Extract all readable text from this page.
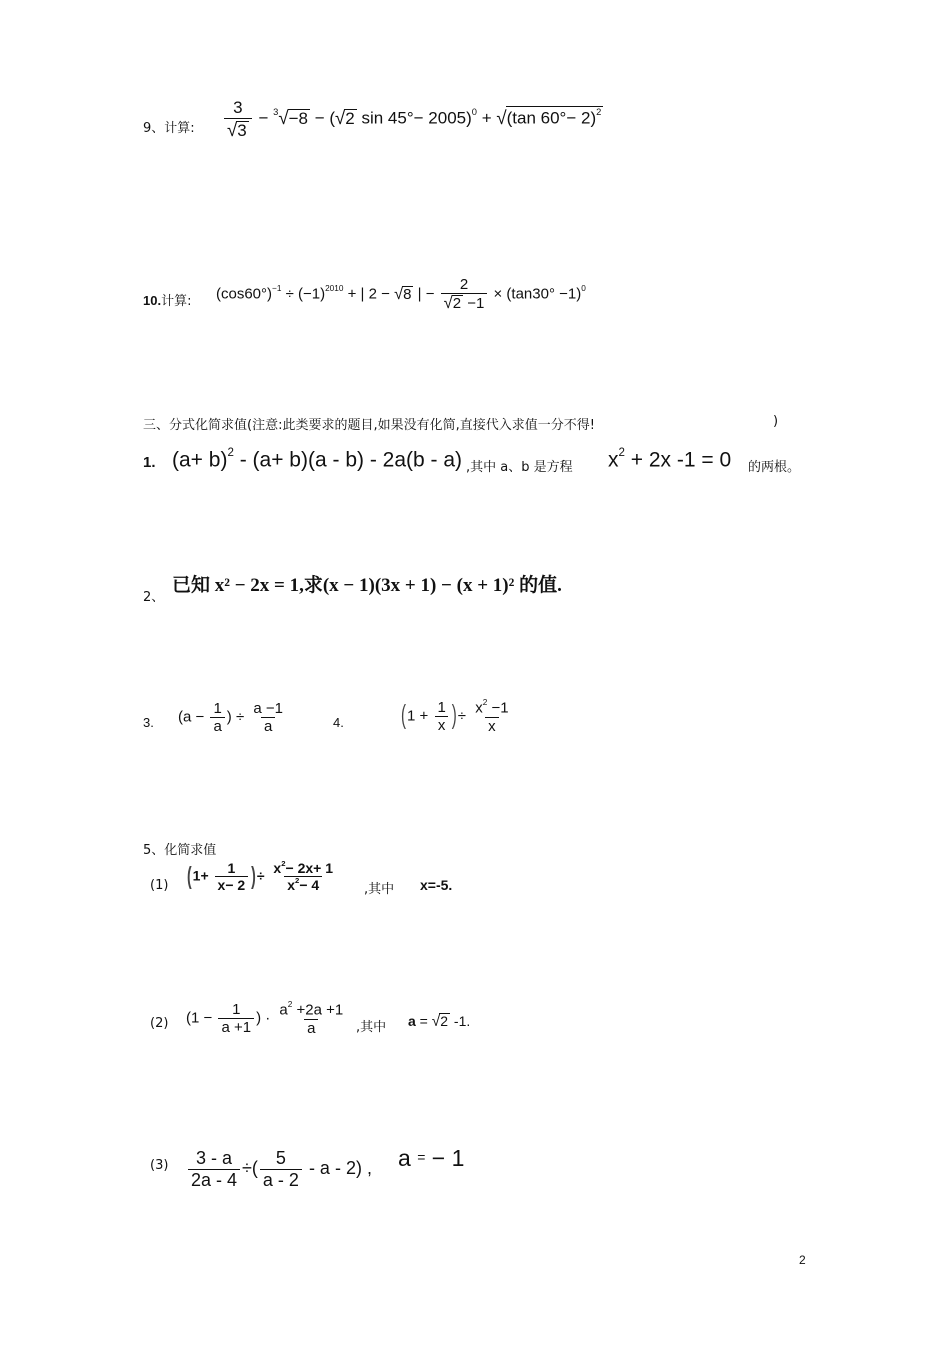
9、计算: $\frac{3}{√3} - ^3√-8 - (√2$ sin 45°− 2005)$^0$ + √(tan 60°− 2)$^2$
10.计算: $(\cos 60^\circ)^{-1} \div (-1)^{2010}$ + | 2 − √8 | − $\frac{2}{√2 -1} \times (\tan 30^\circ -1)^0$
三、分式化简求值(注意:此类要求的题目,如果没有化简,直接代入求值一分不得!	)
1. $(a+ b)^2 - (a+ b)(a - b) - 2a(b - a)$ ,其中 a、b 是方程 $x^2 + 2x$ -1 = 0 的两根。
2、
已知 x² − 2x = 1,求(x − 1)(3x + 1) − (x + 1)² 的值.
3. ($a - \frac{1}{a}$ ) ÷ $\frac{a -1}{a}$	4.	($1 + \frac{1}{x}$ )÷ $\frac{x^2 -1}{x}$
5、化简求值
(1) ($1+ \frac{1}{x- 2}$ )÷ $\frac{x^2- 2x+ 1}{x^2- 4}$ ,其中 x=-5.
(2) ($1 - \frac{1}{a +1}$ ) · $\frac{a^2 +2a +1}{a}$ ,其中 a = √2 -1.
$(3) \frac{3 - a}{2a - 4}$ ÷( $\frac{5}{a - 2}$ - a - 2) , a = − 1
2
